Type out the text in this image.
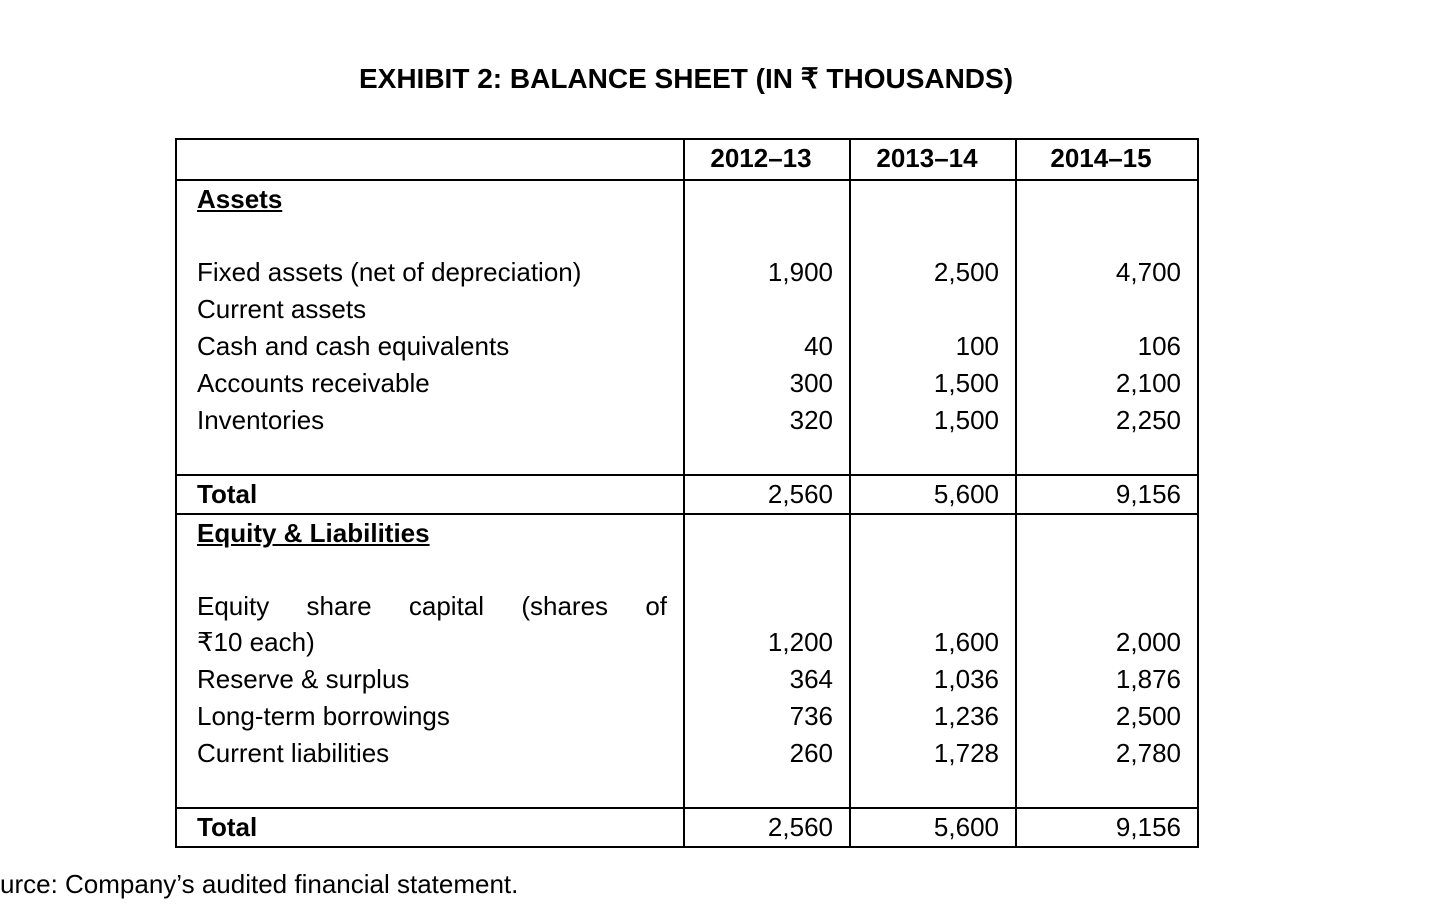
EXHIBIT 2: BALANCE SHEET (IN ₹ THOUSANDS)
	2012–13	2013–14	2014–15
Assets			

Fixed assets (net of depreciation)	1,900	2,500	4,700
Current assets			
Cash and cash equivalents	40	100	106
Accounts receivable	300	1,500	2,100
Inventories	320	1,500	2,250

Total	2,560	5,600	9,156
Equity & Liabilities			

Equity share capital (shares of
₹10 each)	1,200	1,600	2,000
Reserve & surplus	364	1,036	1,876
Long-term borrowings	736	1,236	2,500
Current liabilities	260	1,728	2,780

Total	2,560	5,600	9,156
urce: Company’s audited financial statement.
